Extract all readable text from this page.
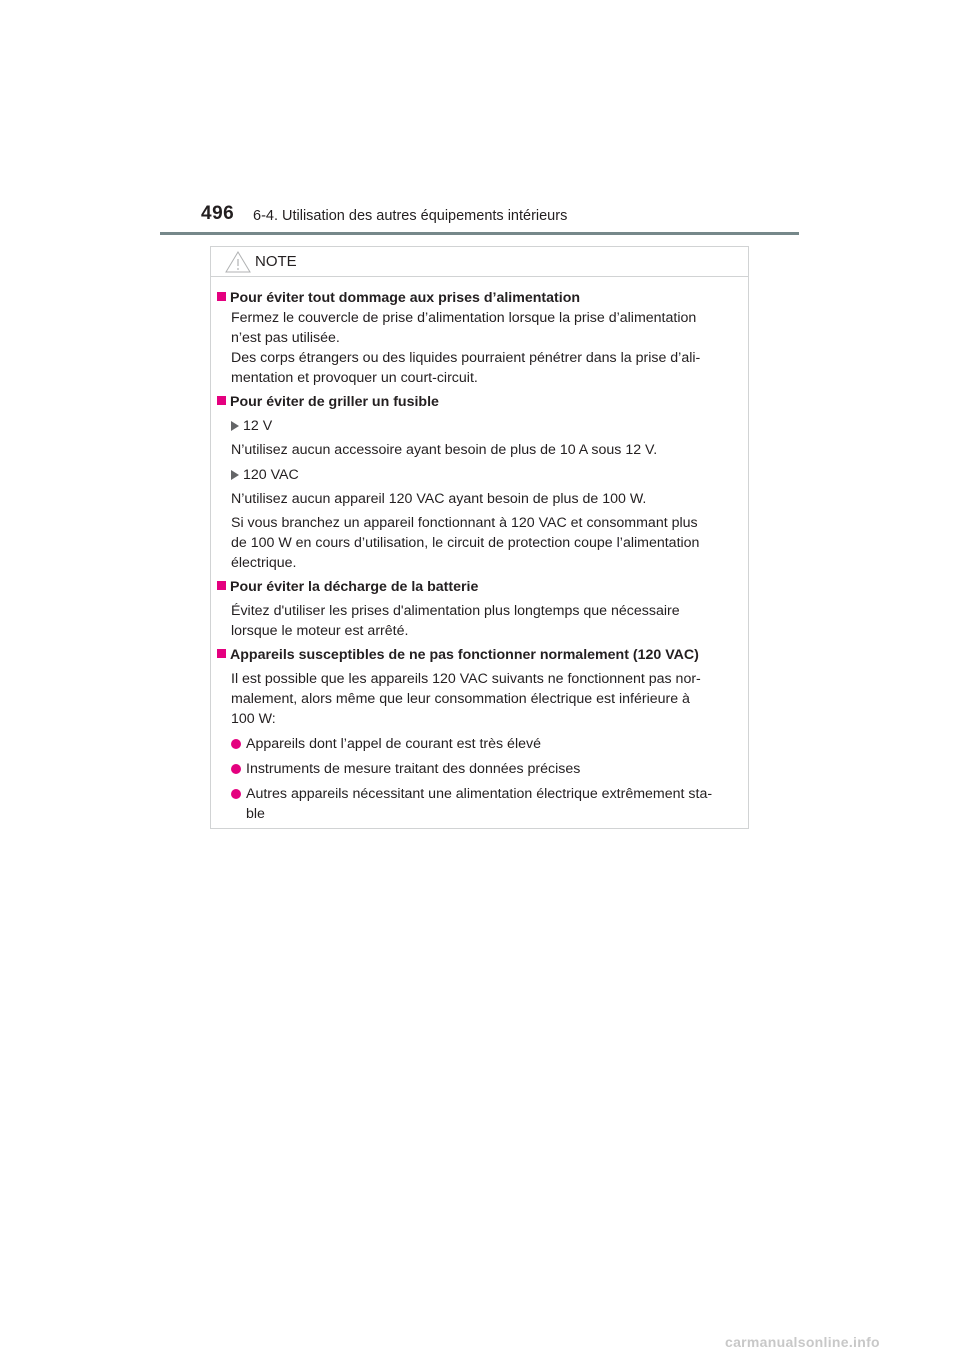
496 6-4. Utilisation des autres équipements intérieurs
NOTE
Pour éviter tout dommage aux prises d’alimentation

Fermez le couvercle de prise d’alimentation lorsque la prise d’alimentation
n’est pas utilisée.
Des corps étrangers ou des liquides pourraient pénétrer dans la prise d’ali-
mentation et provoquer un court-circuit.

Pour éviter de griller un fusible
12 V

N’utilisez aucun accessoire ayant besoin de plus de 10 A sous 12 V.

120 VAC

N’utilisez aucun appareil 120 VAC ayant besoin de plus de 100 W.

Si vous branchez un appareil fonctionnant à 120 VAC et consommant plus
de 100 W en cours d’utilisation, le circuit de protection coupe l’alimentation
électrique.

Pour éviter la décharge de la batterie

Évitez d'utiliser les prises d'alimentation plus longtemps que nécessaire
lorsque le moteur est arrêté.

Appareils susceptibles de ne pas fonctionner normalement (120 VAC)

Il est possible que les appareils 120 VAC suivants ne fonctionnent pas nor-
malement, alors même que leur consommation électrique est inférieure à
100 W:

Appareils dont l’appel de courant est très élevé
Instruments de mesure traitant des données précises
Autres appareils nécessitant une alimentation électrique extrêmement sta-
ble
carmanualsonline.info
